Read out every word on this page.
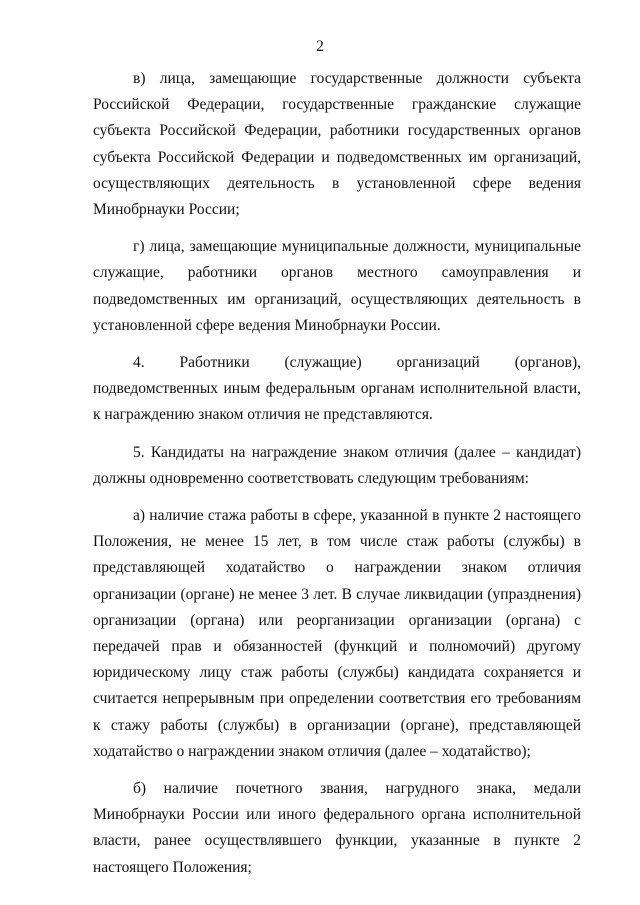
2

в) лица, замещающие государственные должности субъекта Российской Федерации, государственные гражданские служащие субъекта Российской Федерации, работники государственных органов субъекта Российской Федерации и подведомственных им организаций, осуществляющих деятельность в установленной сфере ведения Минобрнауки России;

г) лица, замещающие муниципальные должности, муниципальные служащие, работники органов местного самоуправления и подведомственных им организаций, осуществляющих деятельность в установленной сфере ведения Минобрнауки России.

4. Работники (служащие) организаций (органов), подведомственных иным федеральным органам исполнительной власти, к награждению знаком отличия не представляются.

5. Кандидаты на награждение знаком отличия (далее – кандидат) должны одновременно соответствовать следующим требованиям:

а) наличие стажа работы в сфере, указанной в пункте 2 настоящего Положения, не менее 15 лет, в том числе стаж работы (службы) в представляющей ходатайство о награждении знаком отличия организации (органе) не менее 3 лет. В случае ликвидации (упразднения) организации (органа) или реорганизации организации (органа) с передачей прав и обязанностей (функций и полномочий) другому юридическому лицу стаж работы (службы) кандидата сохраняется и считается непрерывным при определении соответствия его требованиям к стажу работы (службы) в организации (органе), представляющей ходатайство о награждении знаком отличия (далее – ходатайство);

б) наличие почетного звания, нагрудного знака, медали Минобрнауки России или иного федерального органа исполнительной власти, ранее осуществлявшего функции, указанные в пункте 2 настоящего Положения;
